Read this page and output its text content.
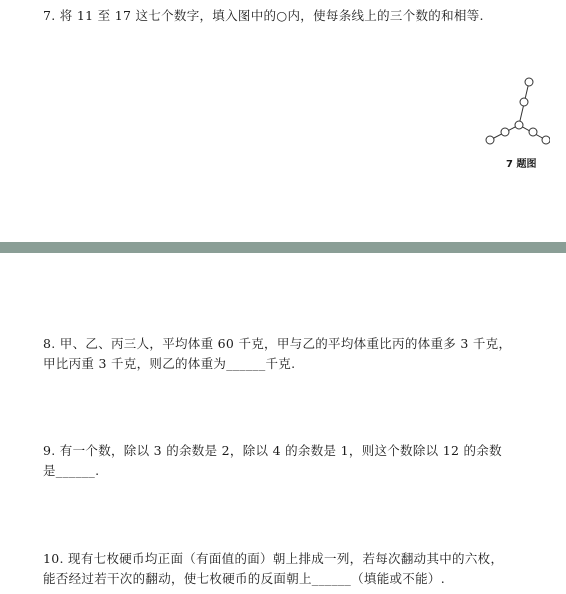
7. 将 11 至 17 这七个数字，填入图中的○内，使每条线上的三个数的和相等.
7 题图
8. 甲、乙、丙三人，平均体重 60 千克，甲与乙的平均体重比丙的体重多 3 千克，
甲比丙重 3 千克，则乙的体重为______千克.
9. 有一个数，除以 3 的余数是 2，除以 4 的余数是 1，则这个数除以 12 的余数
是______.
10. 现有七枚硬币均正面（有面值的面）朝上排成一列，若每次翻动其中的六枚，
能否经过若干次的翻动，使七枚硬币的反面朝上______（填能或不能）.
